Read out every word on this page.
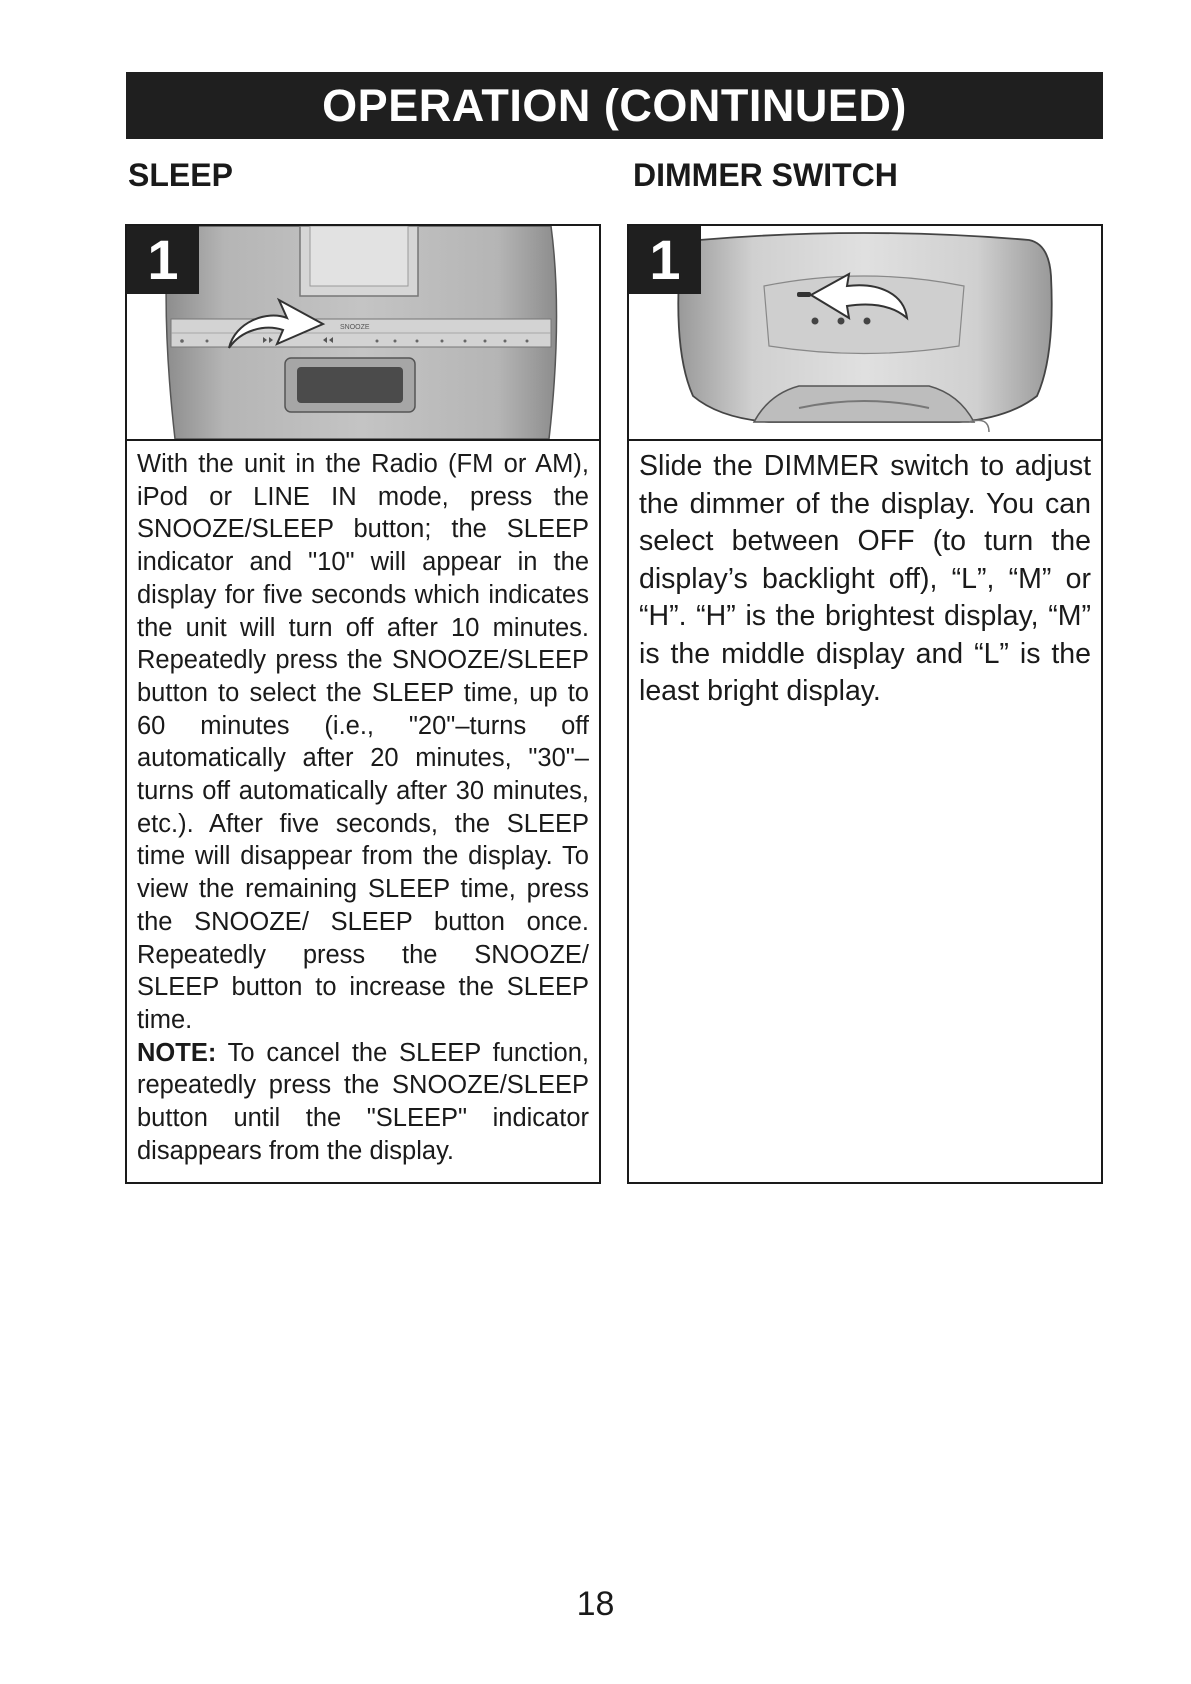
OPERATION (CONTINUED)
SLEEP	DIMMER SWITCH
1
SNOOZE
With the unit in the Radio (FM or AM), iPod or LINE IN mode, press the SNOOZE/SLEEP button; the SLEEP indicator and "10" will appear in the display for five seconds which indicates the unit will turn off after 10 minutes. Repeatedly press the SNOOZE/SLEEP button to select the SLEEP time, up to 60 minutes (i.e., "20"–turns off automatically after 20 minutes, "30"–turns off automatically after 30 minutes, etc.). After five seconds, the SLEEP time will disappear from the display. To view the remaining SLEEP time, press the SNOOZE/ SLEEP button once. Repeatedly press the SNOOZE/ SLEEP button to increase the SLEEP time.
NOTE: To cancel the SLEEP function, repeatedly press the SNOOZE/SLEEP button until the "SLEEP" indicator disappears from the display.
1
Slide the DIMMER switch to adjust the dimmer of the display. You can select between OFF (to turn the display’s backlight off), “L”, “M” or “H”. “H” is the brightest display, “M” is the middle display and “L” is the least bright display.
18
